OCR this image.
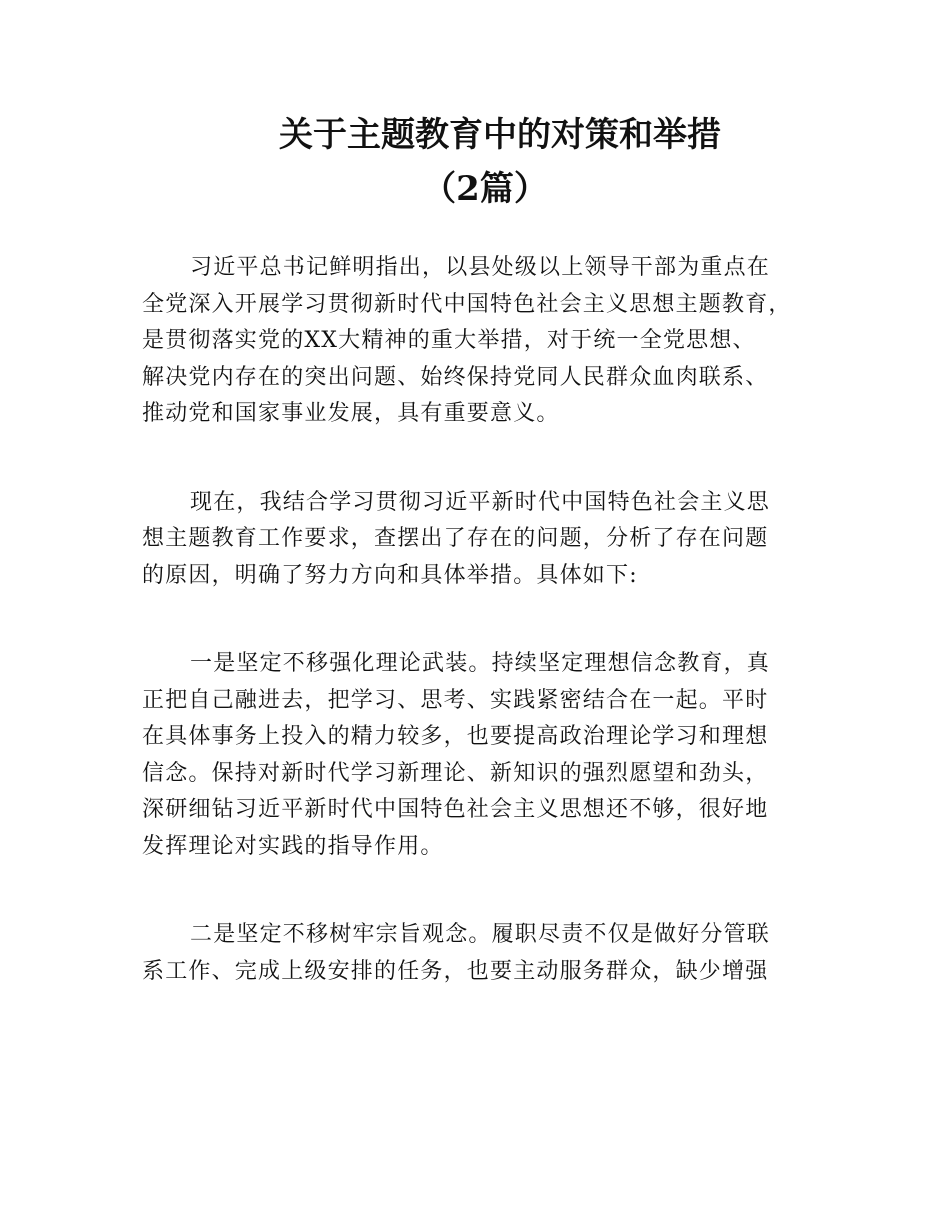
关于主题教育中的对策和举措
（2篇）
习近平总书记鲜明指出，以县处级以上领导干部为重点在
全党深入开展学习贯彻新时代中国特色社会主义思想主题教育，
是贯彻落实党的XX大精神的重大举措，对于统一全党思想、
解决党内存在的突出问题、始终保持党同人民群众血肉联系、
推动党和国家事业发展，具有重要意义。
现在，我结合学习贯彻习近平新时代中国特色社会主义思
想主题教育工作要求，查摆出了存在的问题，分析了存在问题
的原因，明确了努力方向和具体举措。具体如下:
一是坚定不移强化理论武装。持续坚定理想信念教育，真
正把自己融进去，把学习、思考、实践紧密结合在一起。平时
在具体事务上投入的精力较多，也要提高政治理论学习和理想
信念。保持对新时代学习新理论、新知识的强烈愿望和劲头，
深研细钻习近平新时代中国特色社会主义思想还不够，很好地
发挥理论对实践的指导作用。
二是坚定不移树牢宗旨观念。履职尽责不仅是做好分管联
系工作、完成上级安排的任务，也要主动服务群众，缺少增强
